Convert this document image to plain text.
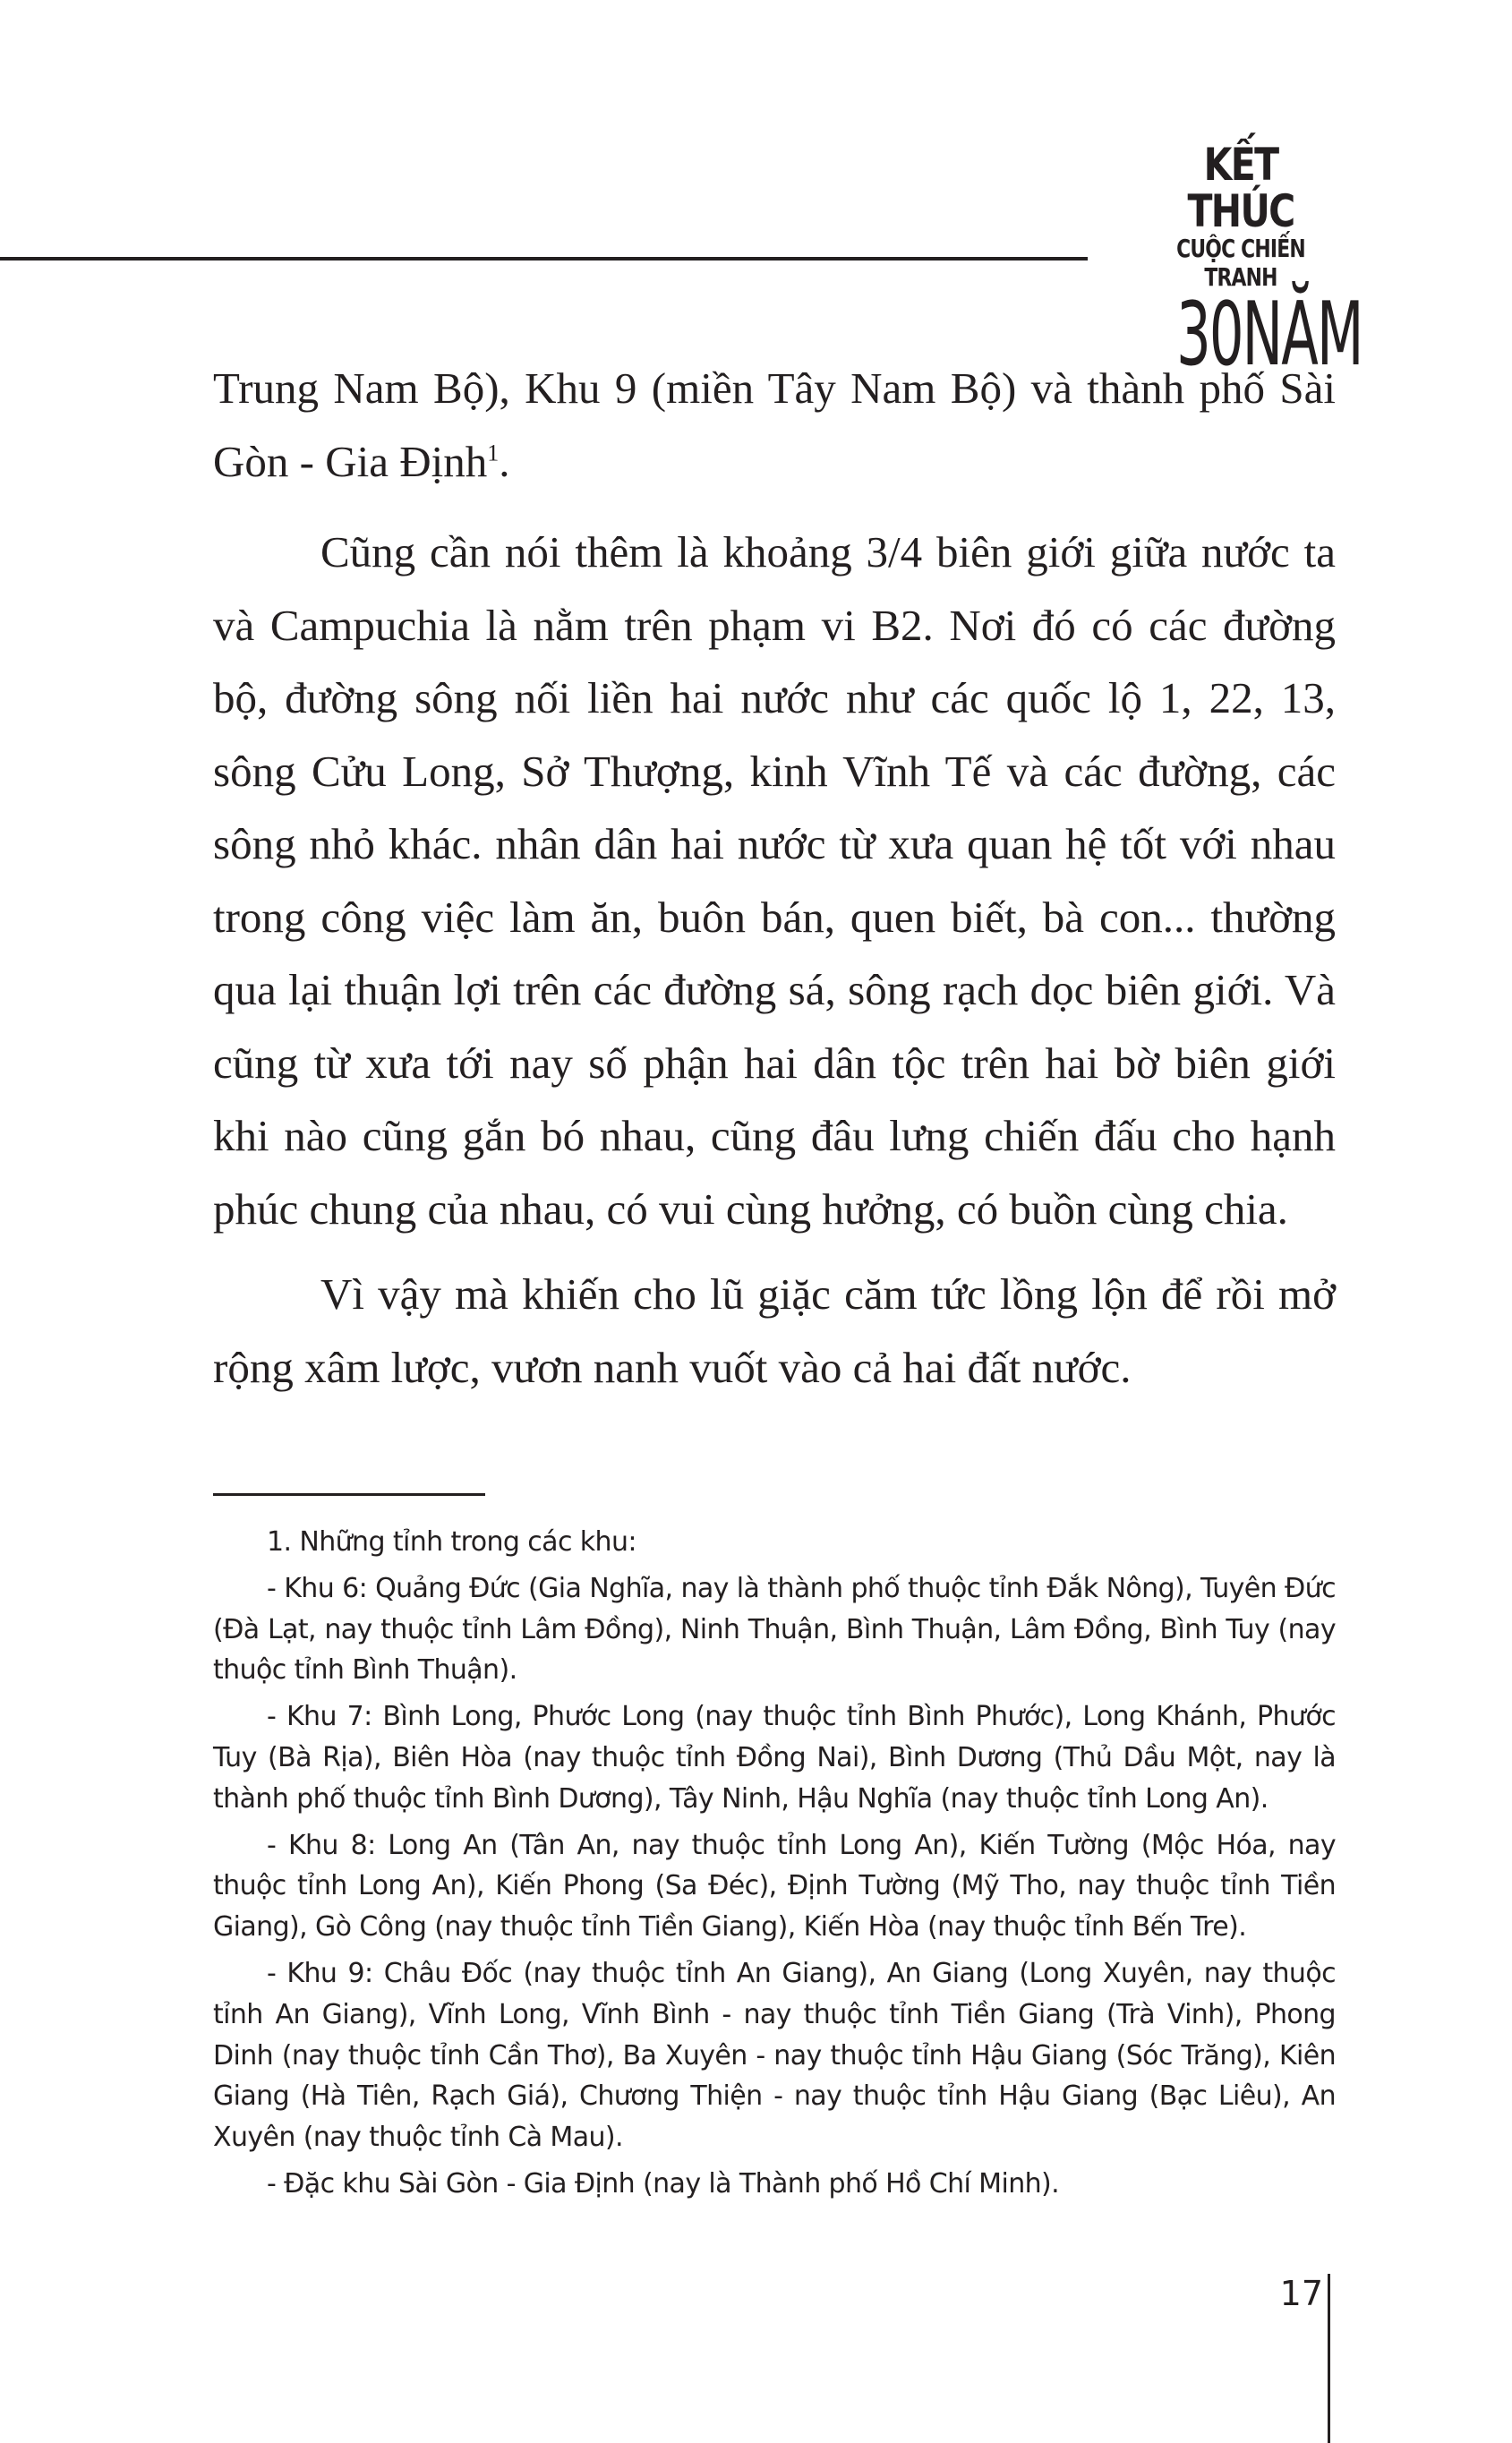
KẾT THÚC
CUỘC CHIẾN TRANH
30NĂM

Trung Nam Bộ), Khu 9 (miền Tây Nam Bộ) và thành phố Sài Gòn - Gia Định$^1$.

Cũng cần nói thêm là khoảng 3/4 biên giới giữa nước ta và Campuchia là nằm trên phạm vi B2. Nơi đó có các đường bộ, đường sông nối liền hai nước như các quốc lộ 1, 22, 13, sông Cửu Long, Sở Thượng, kinh Vĩnh Tế và các đường, các sông nhỏ khác. nhân dân hai nước từ xưa quan hệ tốt với nhau trong công việc làm ăn, buôn bán, quen biết, bà con... thường qua lại thuận lợi trên các đường sá, sông rạch dọc biên giới. Và cũng từ xưa tới nay số phận hai dân tộc trên hai bờ biên giới khi nào cũng gắn bó nhau, cũng đâu lưng chiến đấu cho hạnh phúc chung của nhau, có vui cùng hưởng, có buồn cùng chia.

Vì vậy mà khiến cho lũ giặc căm tức lồng lộn để rồi mở rộng xâm lược, vươn nanh vuốt vào cả hai đất nước.

1. Những tỉnh trong các khu:

- Khu 6: Quảng Đức (Gia Nghĩa, nay là thành phố thuộc tỉnh Đắk Nông), Tuyên Đức (Đà Lạt, nay thuộc tỉnh Lâm Đồng), Ninh Thuận, Bình Thuận, Lâm Đồng, Bình Tuy (nay thuộc tỉnh Bình Thuận).

- Khu 7: Bình Long, Phước Long (nay thuộc tỉnh Bình Phước), Long Khánh, Phước Tuy (Bà Rịa), Biên Hòa (nay thuộc tỉnh Đồng Nai), Bình Dương (Thủ Dầu Một, nay là thành phố thuộc tỉnh Bình Dương), Tây Ninh, Hậu Nghĩa (nay thuộc tỉnh Long An).

- Khu 8: Long An (Tân An, nay thuộc tỉnh Long An), Kiến Tường (Mộc Hóa, nay thuộc tỉnh Long An), Kiến Phong (Sa Đéc), Định Tường (Mỹ Tho, nay thuộc tỉnh Tiền Giang), Gò Công (nay thuộc tỉnh Tiền Giang), Kiến Hòa (nay thuộc tỉnh Bến Tre).

- Khu 9: Châu Đốc (nay thuộc tỉnh An Giang), An Giang (Long Xuyên, nay thuộc tỉnh An Giang), Vĩnh Long, Vĩnh Bình - nay thuộc tỉnh Tiền Giang (Trà Vinh), Phong Dinh (nay thuộc tỉnh Cần Thơ), Ba Xuyên - nay thuộc tỉnh Hậu Giang (Sóc Trăng), Kiên Giang (Hà Tiên, Rạch Giá), Chương Thiện - nay thuộc tỉnh Hậu Giang (Bạc Liêu), An Xuyên (nay thuộc tỉnh Cà Mau).

- Đặc khu Sài Gòn - Gia Định (nay là Thành phố Hồ Chí Minh).

17
